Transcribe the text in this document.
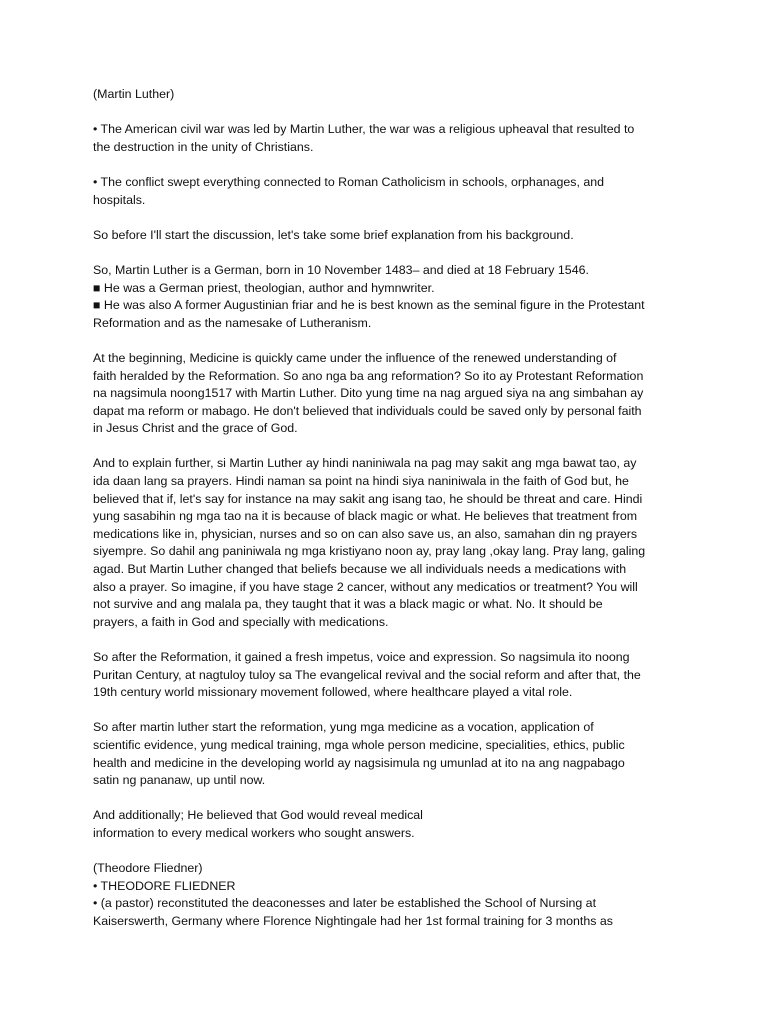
(Martin Luther)

• The American civil war was led by Martin Luther, the war was a religious upheaval that resulted to
the destruction in the unity of Christians.

• The conflict swept everything connected to Roman Catholicism in schools, orphanages, and
hospitals.

So before I'll start the discussion, let's take some brief explanation from his background.

So, Martin Luther is a German, born in 10 November 1483– and died at 18 February 1546.

■ He was a German priest, theologian, author and hymnwriter.

■ He was also A former Augustinian friar and he is best known as the seminal figure in the Protestant
Reformation and as the namesake of Lutheranism.

At the beginning, Medicine is quickly came under the influence of the renewed understanding of
faith heralded by the Reformation. So ano nga ba ang reformation? So ito ay Protestant Reformation
na nagsimula noong1517 with Martin Luther. Dito yung time na nag argued siya na ang simbahan ay
dapat ma reform or mabago. He don't believed that individuals could be saved only by personal faith
in Jesus Christ and the grace of God.

And to explain further, si Martin Luther ay hindi naniniwala na pag may sakit ang mga bawat tao, ay
ida daan lang sa prayers. Hindi naman sa point na hindi siya naniniwala in the faith of God but, he
believed that if, let's say for instance na may sakit ang isang tao, he should be threat and care. Hindi
yung sasabihin ng mga tao na it is because of black magic or what. He believes that treatment from
medications like in, physician, nurses and so on can also save us, an also, samahan din ng prayers
siyempre. So dahil ang paniniwala ng mga kristiyano noon ay, pray lang ,okay lang. Pray lang, galing
agad. But Martin Luther changed that beliefs because we all individuals needs a medications with
also a prayer. So imagine, if you have stage 2 cancer, without any medicatios or treatment? You will
not survive and ang malala pa, they taught that it was a black magic or what. No. It should be
prayers, a faith in God and specially with medications.

So after the Reformation, it gained a fresh impetus, voice and expression. So nagsimula ito noong
Puritan Century, at nagtuloy tuloy sa The evangelical revival and the social reform and after that, the
19th century world missionary movement followed, where healthcare played a vital role.

So after martin luther start the reformation, yung mga medicine as a vocation, application of
scientific evidence, yung medical training, mga whole person medicine, specialities, ethics, public
health and medicine in the developing world ay nagsisimula ng umunlad at ito na ang nagpabago
satin ng pananaw, up until now.

And additionally; He believed that God would reveal medical
information to every medical workers who sought answers.

(Theodore Fliedner)

• THEODORE FLIEDNER

• (a pastor) reconstituted the deaconesses and later be established the School of Nursing at
Kaiserswerth, Germany where Florence Nightingale had her 1st formal training for 3 months as
